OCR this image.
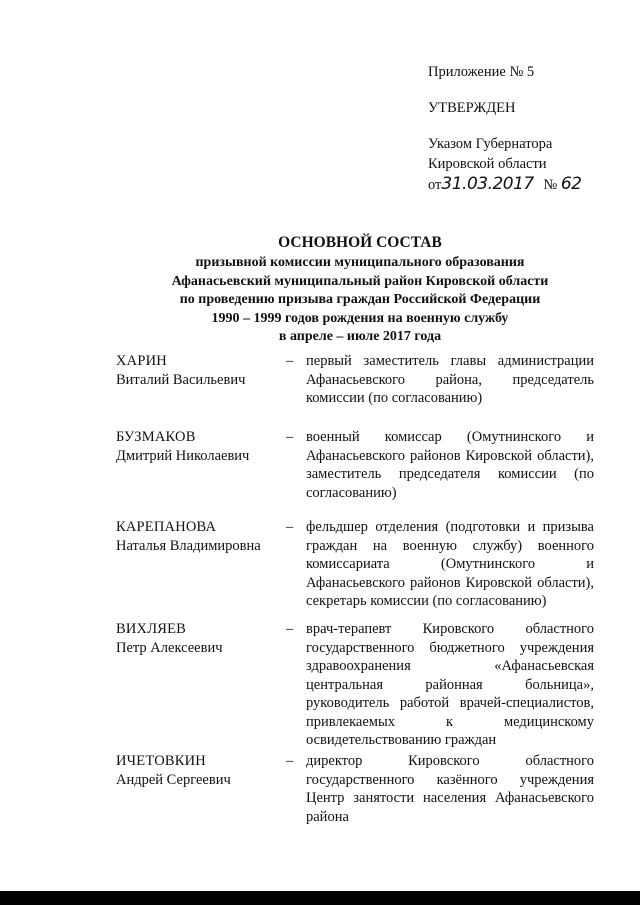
Приложение № 5
УТВЕРЖДЕН
Указом Губернатора
Кировской области
от31.03.2017 № 62
ОСНОВНОЙ СОСТАВ
призывной комиссии муниципального образования
Афанасьевский муниципальный район Кировской области
по проведению призыва граждан Российской Федерации
1990 – 1999 годов рождения на военную службу
в апреле – июле 2017 года
ХАРИН
Виталий Васильевич
– первый заместитель главы администрации Афанасьевского района, председатель комиссии (по согласованию)
БУЗМАКОВ
Дмитрий Николаевич
– военный комиссар (Омутнинского и Афанасьевского районов Кировской области), заместитель председателя комиссии (по согласованию)
КАРЕПАНОВА
Наталья Владимировна
– фельдшер отделения (подготовки и призыва граждан на военную службу) военного комиссариата (Омутнинского и Афанасьевского районов Кировской области), секретарь комиссии (по согласованию)
ВИХЛЯЕВ
Петр Алексеевич
– врач-терапевт Кировского областного государственного бюджетного учреждения здравоохранения «Афанасьевская центральная районная больница», руководитель работой врачей-специалистов, привлекаемых к медицинскому освидетельствованию граждан
ИЧЕТОВКИН
Андрей Сергеевич
– директор Кировского областного государственного казённого учреждения Центр занятости населения Афанасьевского района
